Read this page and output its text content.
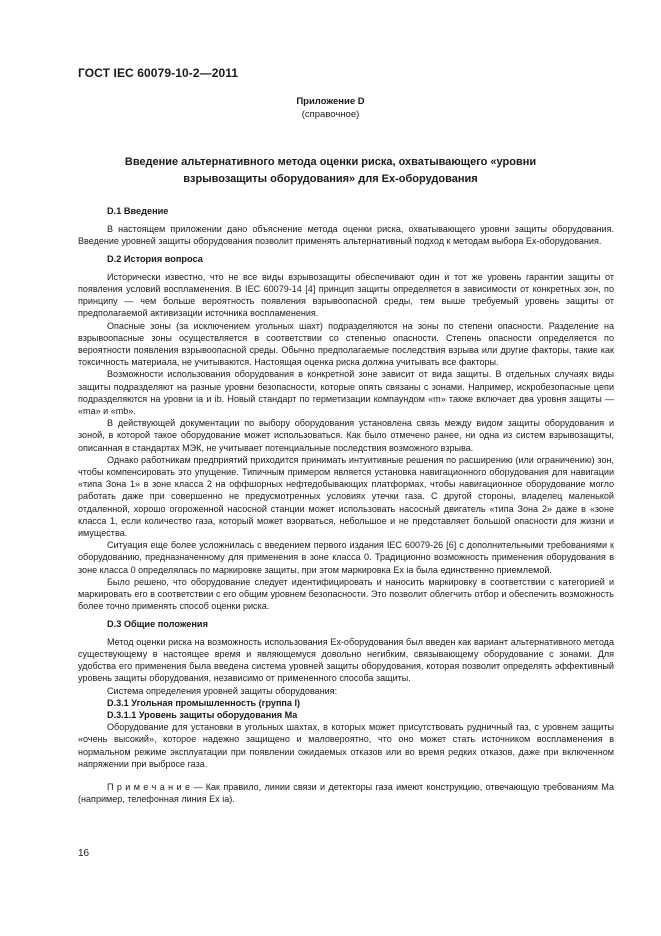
ГОСТ IEC 60079-10-2—2011
Приложение D
(справочное)
Введение альтернативного метода оценки риска, охватывающего «уровни взрывозащиты оборудования» для Ex-оборудования
D.1 Введение

В настоящем приложении дано объяснение метода оценки риска, охватывающего уровни защиты оборудования. Введение уровней защиты оборудования позволит применять альтернативный подход к методам выбора Ex-оборудования.

D.2 История вопроса

Исторически известно, что не все виды взрывозащиты обеспечивают один и тот же уровень гарантии защиты от появления условий воспламенения. В IEC 60079-14 [4] принцип защиты определяется в зависимости от конкретных зон, по принципу — чем больше вероятность появления взрывоопасной среды, тем выше требуемый уровень защиты от предполагаемой активизации источника воспламенения.

Опасные зоны (за исключением угольных шахт) подразделяются на зоны по степени опасности. Разделение на взрывоопасные зоны осуществляется в соответствии со степенью опасности. Степень опасности определяется по вероятности появления взрывоопасной среды. Обычно предполагаемые последствия взрыва или другие факторы, такие как токсичность материала, не учитываются. Настоящая оценка риска должна учитывать все факторы.

Возможности использования оборудования в конкретной зоне зависит от вида защиты. В отдельных случаях виды защиты подразделяют на разные уровни безопасности, которые опять связаны с зонами. Например, искробезопасные цепи подразделяются на уровни ia и ib. Новый стандарт по герметизации компаундом «m» также включает два уровня защиты — «ma» и «mb».

В действующей документации по выбору оборудования установлена связь между видом защиты оборудования и зоной, в которой такое оборудование может использоваться. Как было отмечено ранее, ни одна из систем взрывозащиты, описанная в стандартах МЭК, не учитывает потенциальные последствия возможного взрыва.

Однако работникам предприятий приходится принимать интуитивные решения по расширению (или ограничению) зон, чтобы компенсировать это упущение. Типичным примером является установка навигационного оборудования для навигации «типа Зона 1» в зоне класса 2 на оффшорных нефтедобывающих платформах, чтобы навигационное оборудование могло работать даже при совершенно не предусмотренных условиях утечки газа. С другой стороны, владелец маленькой отдаленной, хорошо огороженной насосной станции может использовать насосный двигатель «типа Зона 2» даже в «зоне класса 1, если количество газа, который может взорваться, небольшое и не представляет большой опасности для жизни и имущества.

Ситуация еще более усложнилась с введением первого издания IEC 60079-26 [6] с дополнительными требованиями к оборудованию, предназначенному для применения в зоне класса 0. Традиционно возможность применения оборудования в зоне класса 0 определялась по маркировке защиты, при этом маркировка Ex ia была единственно приемлемой.

Было решено, что оборудование следует идентифицировать и наносить маркировку в соответствии с категорией и маркировать его в соответствии с его общим уровнем безопасности. Это позволит облегчить отбор и обеспечить возможность более точно применять способ оценки риска.

D.3 Общие положения

Метод оценки риска на возможность использования Ex-оборудования был введен как вариант альтернативного метода существующему в настоящее время и являющемуся довольно негибким, связывающему оборудование с зонами. Для удобства его применения была введена система уровней защиты оборудования, которая позволит определять эффективный уровень защиты оборудования, независимо от примененного способа защиты.

Система определения уровней защиты оборудования:

D.3.1 Угольная промышленность (группа I)
D.3.1.1 Уровень защиты оборудования Ma

Оборудование для установки в угольных шахтах, в которых может присутствовать рудничный газ, с уровнем защиты «очень высокий», которое надежно защищено и маловероятно, что оно может стать источником воспламенения в нормальном режиме эксплуатации при появлении ожидаемых отказов или во время редких отказов, даже при включенном напряжении при выбросе газа.

П р и м е ч а н и е — Как правило, линии связи и детекторы газа имеют конструкцию, отвечающую требованиям Ма (например, телефонная линия Ex ia).

16
